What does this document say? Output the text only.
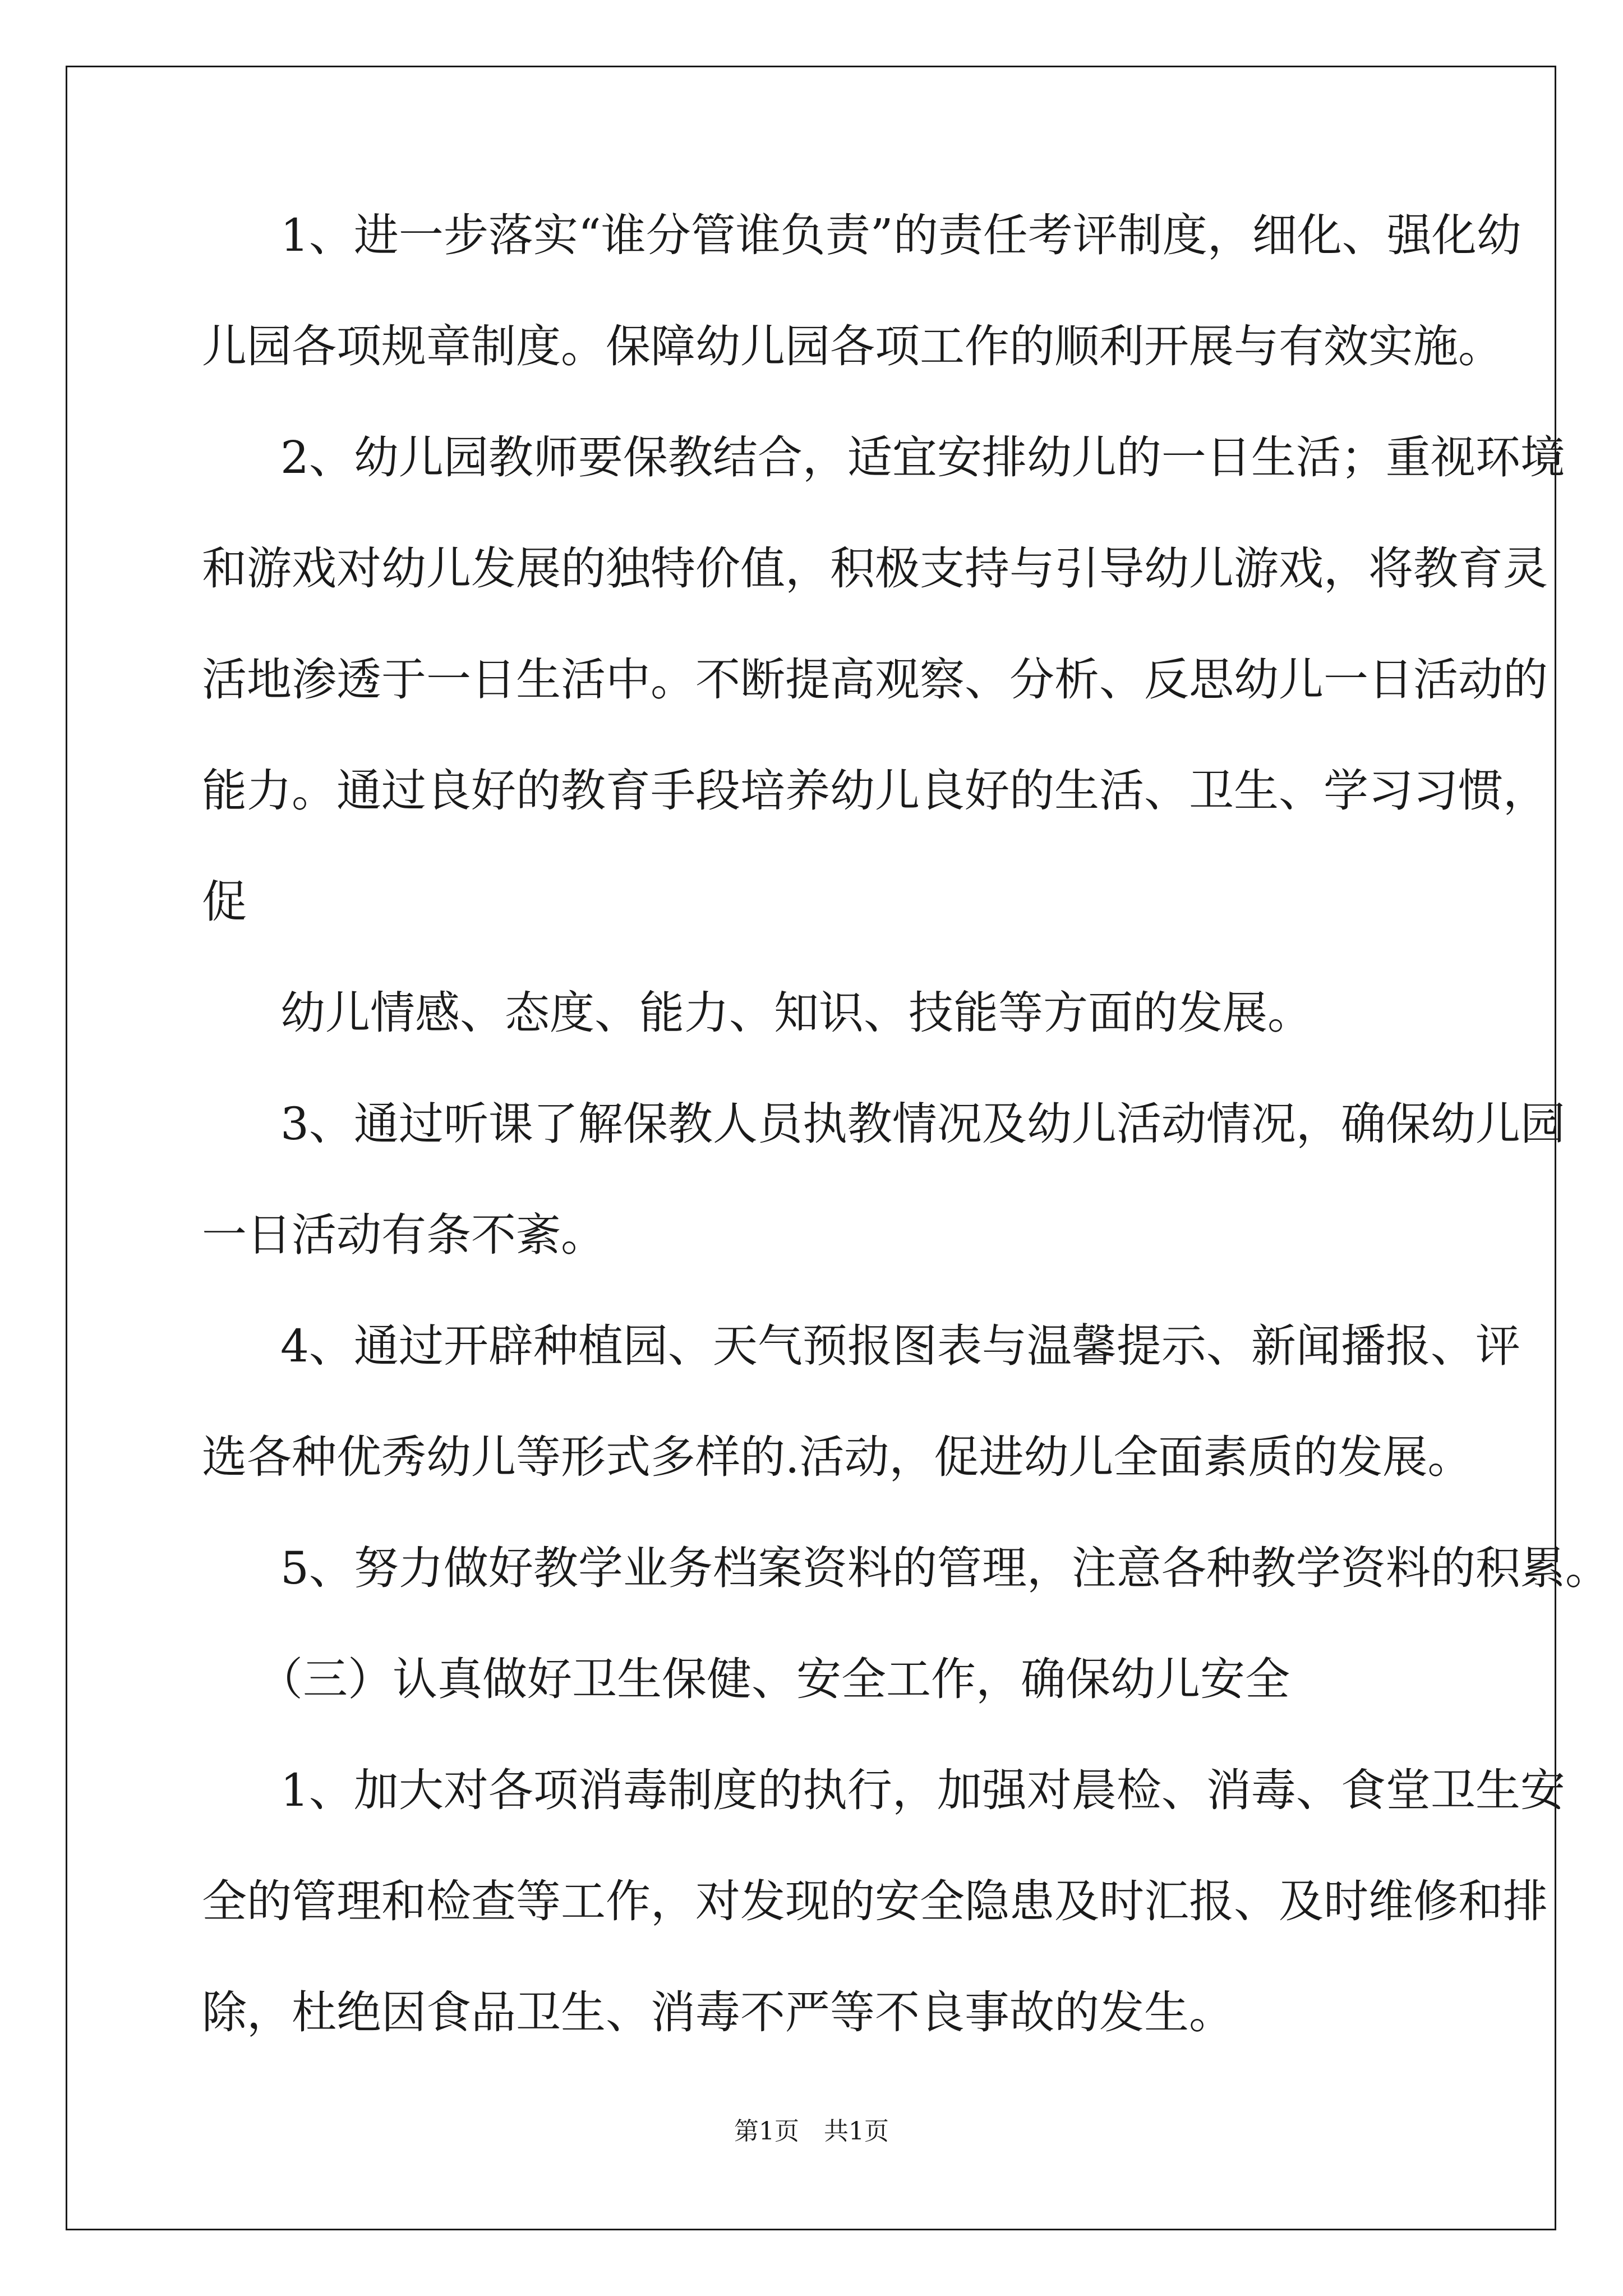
1、进一步落实“谁分管谁负责”的责任考评制度，细化、强化幼
儿园各项规章制度。保障幼儿园各项工作的顺利开展与有效实施。
2、幼儿园教师要保教结合，适宜安排幼儿的一日生活；重视环境
和游戏对幼儿发展的独特价值，积极支持与引导幼儿游戏，将教育灵
活地渗透于一日生活中。不断提高观察、分析、反思幼儿一日活动的
能力。通过良好的教育手段培养幼儿良好的生活、卫生、学习习惯，
促
幼儿情感、态度、能力、知识、技能等方面的发展。
3、通过听课了解保教人员执教情况及幼儿活动情况，确保幼儿园
一日活动有条不紊。
4、通过开辟种植园、天气预报图表与温馨提示、新闻播报、评
选各种优秀幼儿等形式多样的.活动，促进幼儿全面素质的发展。
5、努力做好教学业务档案资料的管理，注意各种教学资料的积累。
（三）认真做好卫生保健、安全工作，确保幼儿安全
1、加大对各项消毒制度的执行，加强对晨检、消毒、食堂卫生安
全的管理和检查等工作，对发现的安全隐患及时汇报、及时维修和排
除，杜绝因食品卫生、消毒不严等不良事故的发生。
第1页　共1页
